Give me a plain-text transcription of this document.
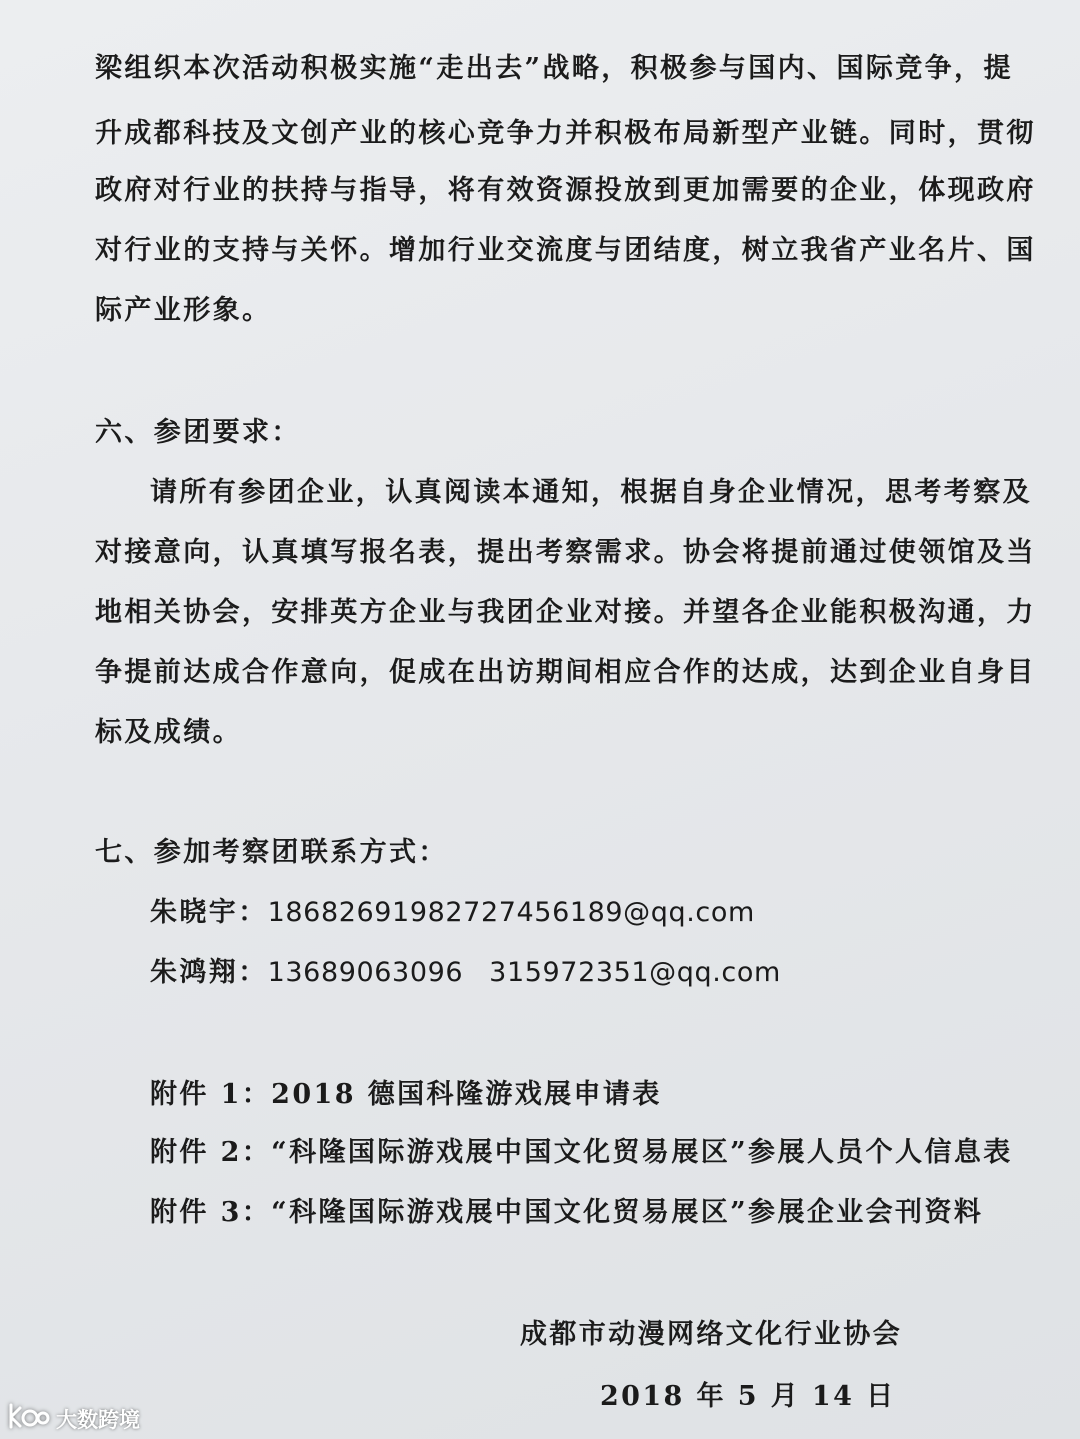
梁组织本次活动积极实施“走出去”战略，积极参与国内、国际竞争，提
升成都科技及文创产业的核心竞争力并积极布局新型产业链。同时，贯彻
政府对行业的扶持与指导，将有效资源投放到更加需要的企业，体现政府
对行业的支持与关怀。增加行业交流度与团结度，树立我省产业名片、国
际产业形象。
六、参团要求：
请所有参团企业，认真阅读本通知，根据自身企业情况，思考考察及
对接意向，认真填写报名表，提出考察需求。协会将提前通过使领馆及当
地相关协会，安排英方企业与我团企业对接。并望各企业能积极沟通，力
争提前达成合作意向，促成在出访期间相应合作的达成，达到企业自身目
标及成绩。
七、参加考察团联系方式：
朱晓宇：18682691982727456189@qq.com
朱鸿翔：13689063096 315972351@qq.com
附件 1：2018 德国科隆游戏展申请表
附件 2：“科隆国际游戏展中国文化贸易展区”参展人员个人信息表
附件 3：“科隆国际游戏展中国文化贸易展区”参展企业会刊资料
成都市动漫网络文化行业协会
2018 年 5 月 14 日
大数跨境
